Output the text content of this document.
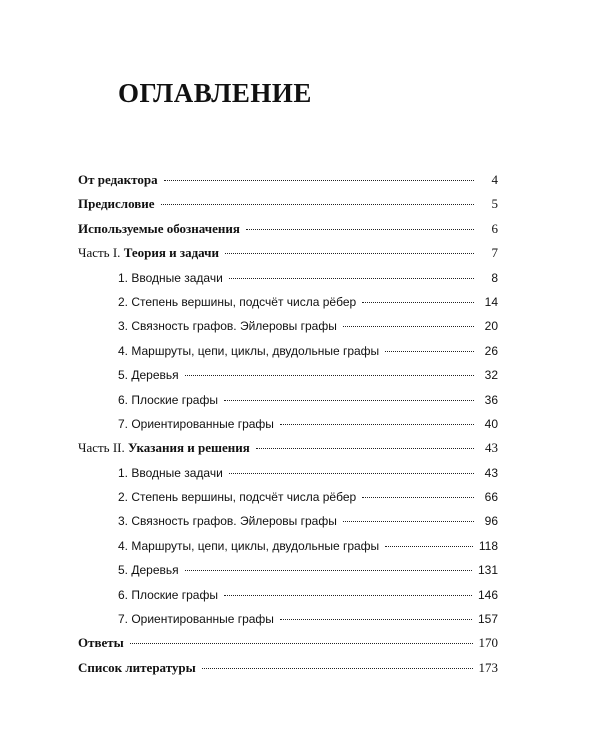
ОГЛАВЛЕНИЕ
От редактора	4
Предисловие	5
Используемые обозначения	6
Часть I. Теория и задачи	7
1. Вводные задачи	8
2. Степень вершины, подсчёт числа рёбер	14
3. Связность графов. Эйлеровы графы	20
4. Маршруты, цепи, циклы, двудольные графы	26
5. Деревья	32
6. Плоские графы	36
7. Ориентированные графы	40
Часть II. Указания и решения	43
1. Вводные задачи	43
2. Степень вершины, подсчёт числа рёбер	66
3. Связность графов. Эйлеровы графы	96
4. Маршруты, цепи, циклы, двудольные графы	118
5. Деревья	131
6. Плоские графы	146
7. Ориентированные графы	157
Ответы	170
Список литературы	173
